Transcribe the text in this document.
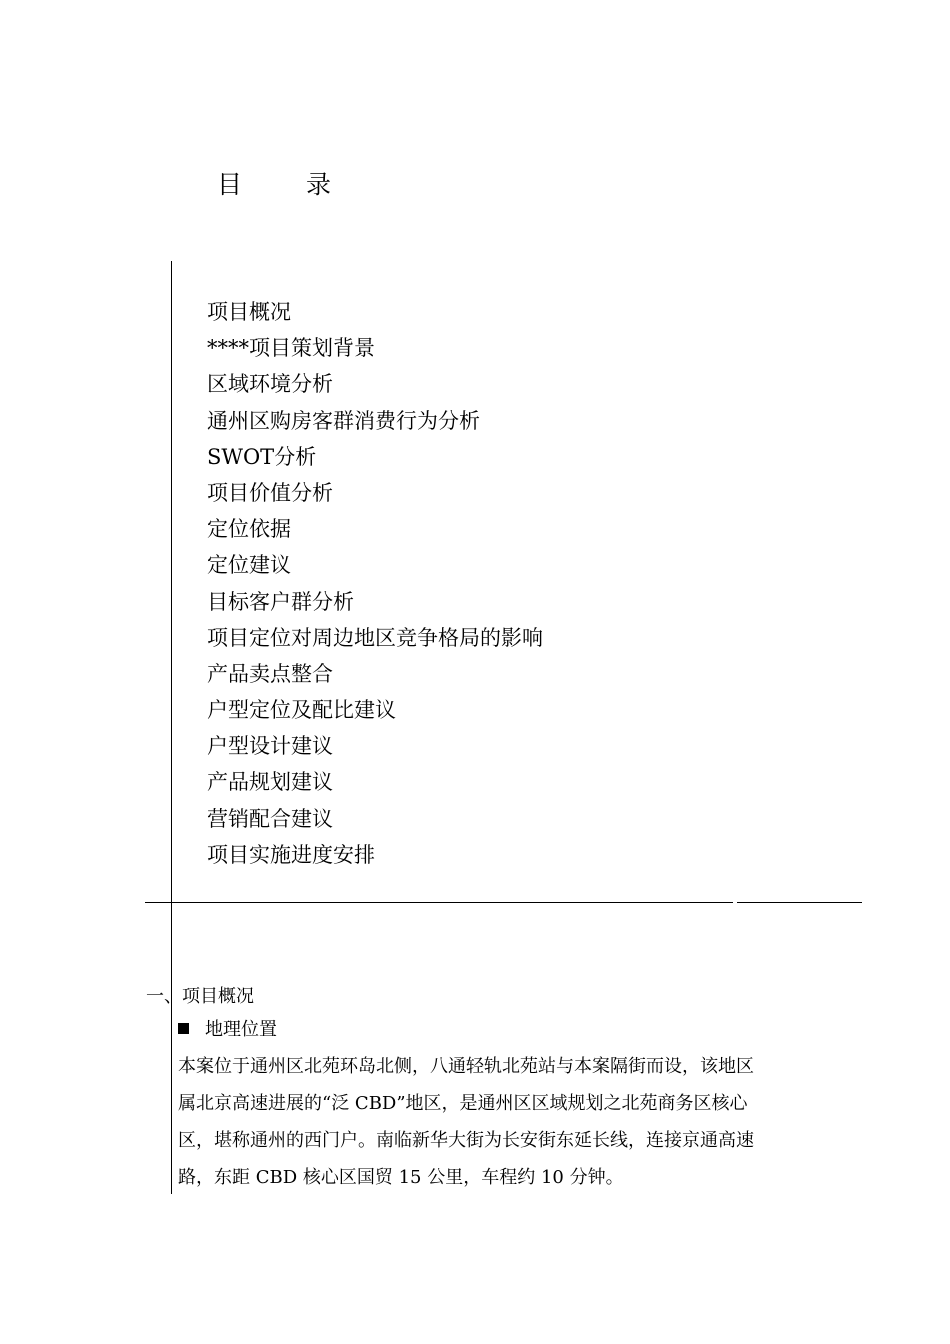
目 录
项目概况
****项目策划背景
区域环境分析
通州区购房客群消费行为分析
SWOT分析
项目价值分析
定位依据
定位建议
目标客户群分析
项目定位对周边地区竞争格局的影响
产品卖点整合
户型定位及配比建议
户型设计建议
产品规划建议
营销配合建议
项目实施进度安排
一、项目概况
地理位置
本案位于通州区北苑环岛北侧，八通轻轨北苑站与本案隔街而设，该地区
属北京高速进展的“泛 CBD”地区，是通州区区域规划之北苑商务区核心
区，堪称通州的西门户。南临新华大街为长安街东延长线，连接京通高速
路，东距 CBD 核心区国贸 15 公里，车程约 10 分钟。
